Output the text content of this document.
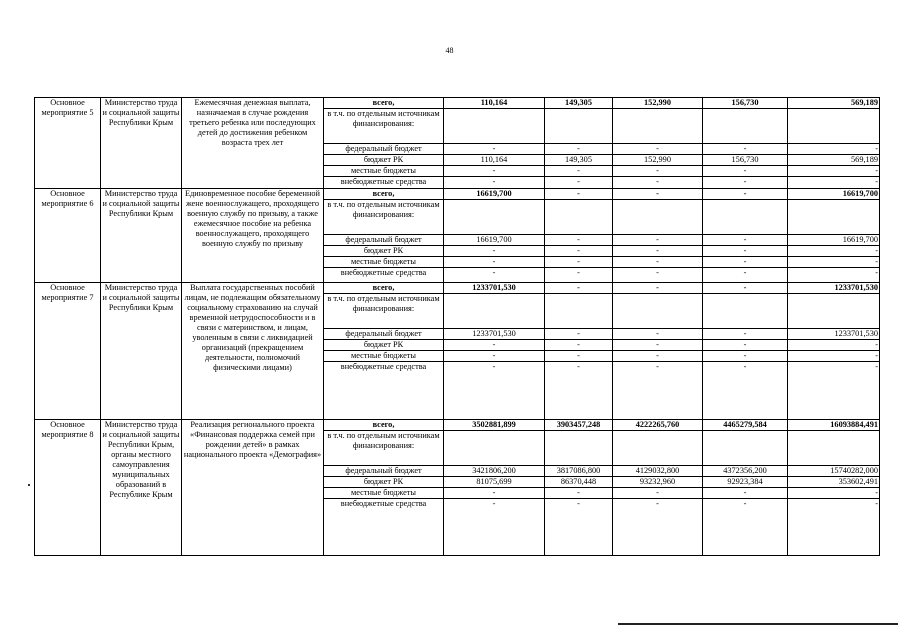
48
Основное мероприятие 5	Министерство труда и социальной защиты Республики Крым	Ежемесячная денежная выплата, назначаемая в случае рождения третьего ребенка или последующих детей до достижения ребенком возраста трех лет	всего,	110,164	149,305	152,990	156,730	569,189
			в т.ч. по отдельным источникам финансирования:					
			федеральный бюджет	-	-	-	-	-
			бюджет РК	110,164	149,305	152,990	156,730	569,189
			местные бюджеты	-	-	-	-	-
			внебюджетные средства	-	-	-	-	-
Основное мероприятие 6	Министерство труда и социальной защиты Республики Крым	Единовременное пособие беременной жене военнослужащего, проходящего военную службу по призыву, а также ежемесячное пособие на ребенка военнослужащего, проходящего военную службу по призыву	всего,	16619,700	-	-	-	16619,700
			в т.ч. по отдельным источникам финансирования:					
			федеральный бюджет	16619,700	-	-	-	16619,700
			бюджет РК	-	-	-	-	-
			местные бюджеты	-	-	-	-	-
			внебюджетные средства	-	-	-	-	-
Основное мероприятие 7	Министерство труда и социальной защиты Республики Крым	Выплата государственных пособий лицам, не подлежащим обязательному социальному страхованию на случай временной нетрудоспособности и в связи с материнством, и лицам, уволенным в связи с ликвидацией организаций (прекращением деятельности, полномочий физическими лицами)	всего,	1233701,530	-	-	-	1233701,530
			в т.ч. по отдельным источникам финансирования:					
			федеральный бюджет	1233701,530	-	-	-	1233701,530
			бюджет РК	-	-	-	-	-
			местные бюджеты	-	-	-	-	-
			внебюджетные средства	-	-	-	-	-
Основное мероприятие 8	Министерство труда и социальной защиты Республики Крым, органы местного самоуправления муниципальных образований в Республике Крым	Реализация регионального проекта «Финансовая поддержка семей при рождении детей» в рамках национального проекта «Демография»	всего,	3502881,899	3903457,248	4222265,760	4465279,584	16093884,491
			в т.ч. по отдельным источникам финансирования:					
			федеральный бюджет	3421806,200	3817086,800	4129032,800	4372356,200	15740282,000
			бюджет РК	81075,699	86370,448	93232,960	92923,384	353602,491
			местные бюджеты	-	-	-	-	-
			внебюджетные средства	-	-	-	-	-
